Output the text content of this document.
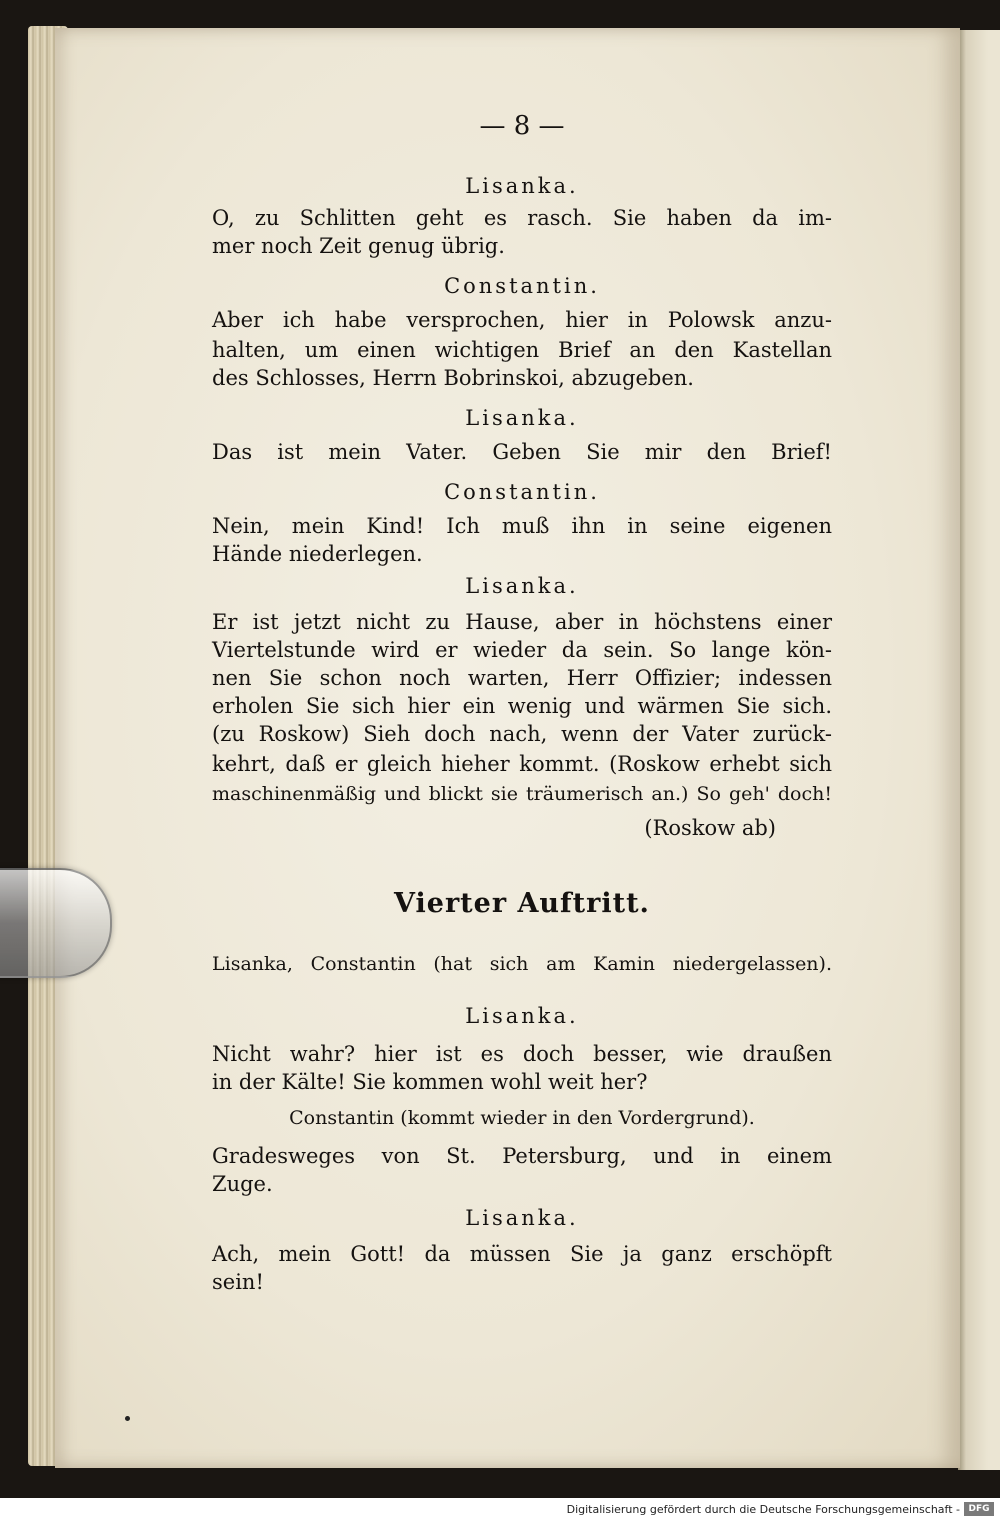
— 8 —
Lisanka.
O, zu Schlitten geht es rasch. Sie haben da im-
mer noch Zeit genug übrig.
Constantin.
Aber ich habe versprochen, hier in Polowsk anzu-
halten, um einen wichtigen Brief an den Kastellan
des Schlosses, Herrn Bobrinskoi, abzugeben.
Lisanka.
Das ist mein Vater. Geben Sie mir den Brief!
Constantin.
Nein, mein Kind! Ich muß ihn in seine eigenen
Hände niederlegen.
Lisanka.
Er ist jetzt nicht zu Hause, aber in höchstens einer
Viertelstunde wird er wieder da sein. So lange kön-
nen Sie schon noch warten, Herr Offizier; indessen
erholen Sie sich hier ein wenig und wärmen Sie sich.
(zu Roskow) Sieh doch nach, wenn der Vater zurück-
kehrt, daß er gleich hieher kommt. (Roskow erhebt sich
maschinenmäßig und blickt sie träumerisch an.) So geh' doch!
(Roskow ab)
Vierter Auftritt.
Lisanka, Constantin (hat sich am Kamin niedergelassen).
Lisanka.
Nicht wahr? hier ist es doch besser, wie draußen
in der Kälte! Sie kommen wohl weit her?
Constantin (kommt wieder in den Vordergrund).
Gradesweges von St. Petersburg, und in einem
Zuge.
Lisanka.
Ach, mein Gott! da müssen Sie ja ganz erschöpft
sein!
Digitalisierung gefördert durch die Deutsche Forschungsgemeinschaft - DFG
